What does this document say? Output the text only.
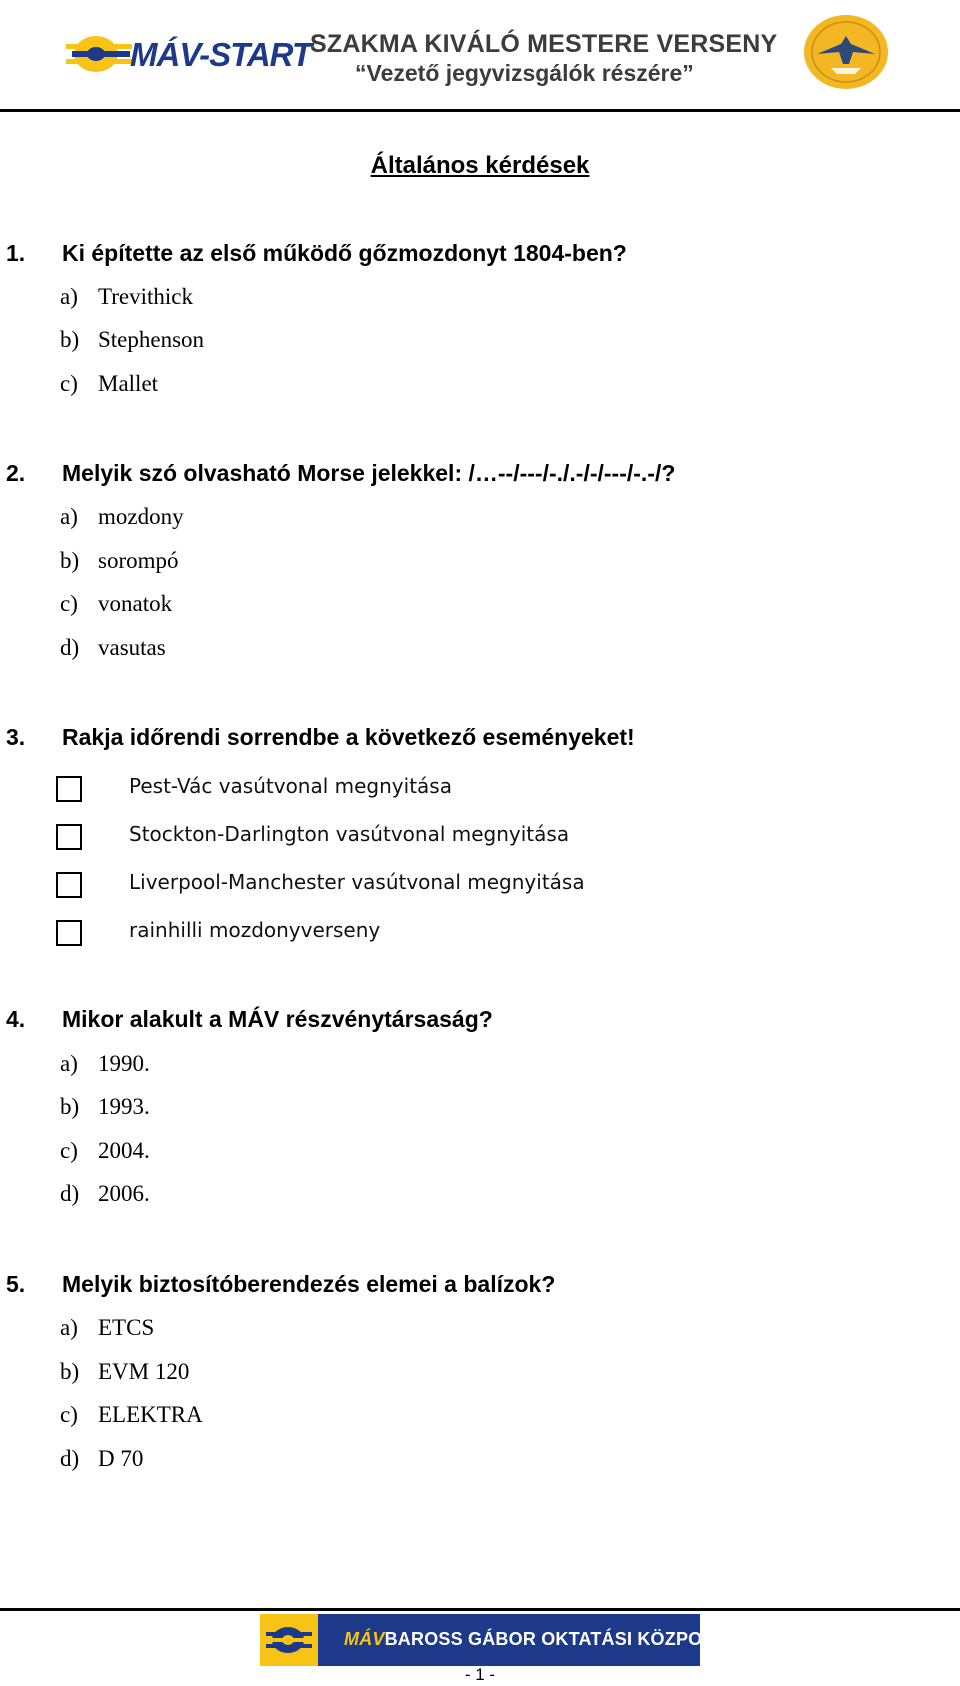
MÁV-START
SZAKMA KIVÁLÓ MESTERE VERSENY
“Vezető jegyvizsgálók részére”
Általános kérdések
1. Ki építette az első működő gőzmozdonyt 1804-ben?
a) Trevithick
b) Stephenson
c) Mallet
2. Melyik szó olvasható Morse jelekkel: /…--/---/-./.-/-/---/-.-/?
a) mozdony
b) sorompó
c) vonatok
d) vasutas
3. Rakja időrendi sorrendbe a következő eseményeket!
Pest-Vác vasútvonal megnyitása
Stockton-Darlington vasútvonal megnyitása
Liverpool-Manchester vasútvonal megnyitása
rainhilli mozdonyverseny
4. Mikor alakult a MÁV részvénytársaság?
a) 1990.
b) 1993.
c) 2004.
d) 2006.
5. Melyik biztosítóberendezés elemei a balízok?
a) ETCS
b) EVM 120
c) ELEKTRA
d) D 70
MÁVBAROSS GÁBOR OKTATÁSI KÖZPONT
- 1 -
